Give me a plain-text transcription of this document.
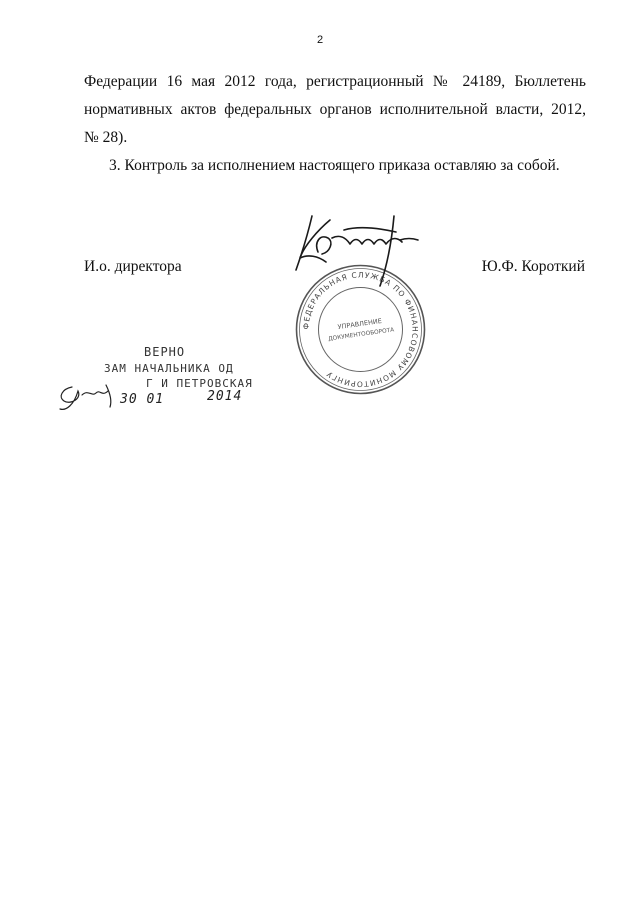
2
Федерации 16 мая 2012 года, регистрационный № 24189, Бюллетень
нормативных актов федеральных органов исполнительной власти, 2012,
№ 28).
3. Контроль за исполнением настоящего приказа оставляю за собой.
И.о. директора	Ю.Ф. Короткий
ФЕДЕРАЛЬНАЯ СЛУЖБА ПО ФИНАНСОВОМУ МОНИТОРИНГУ
УПРАВЛЕНИЕ
ДОКУМЕНТООБОРОТА
ВЕРНО
ЗАМ НАЧАЛЬНИКА ОД
Г И ПЕТРОВСКАЯ
30 01	2014
